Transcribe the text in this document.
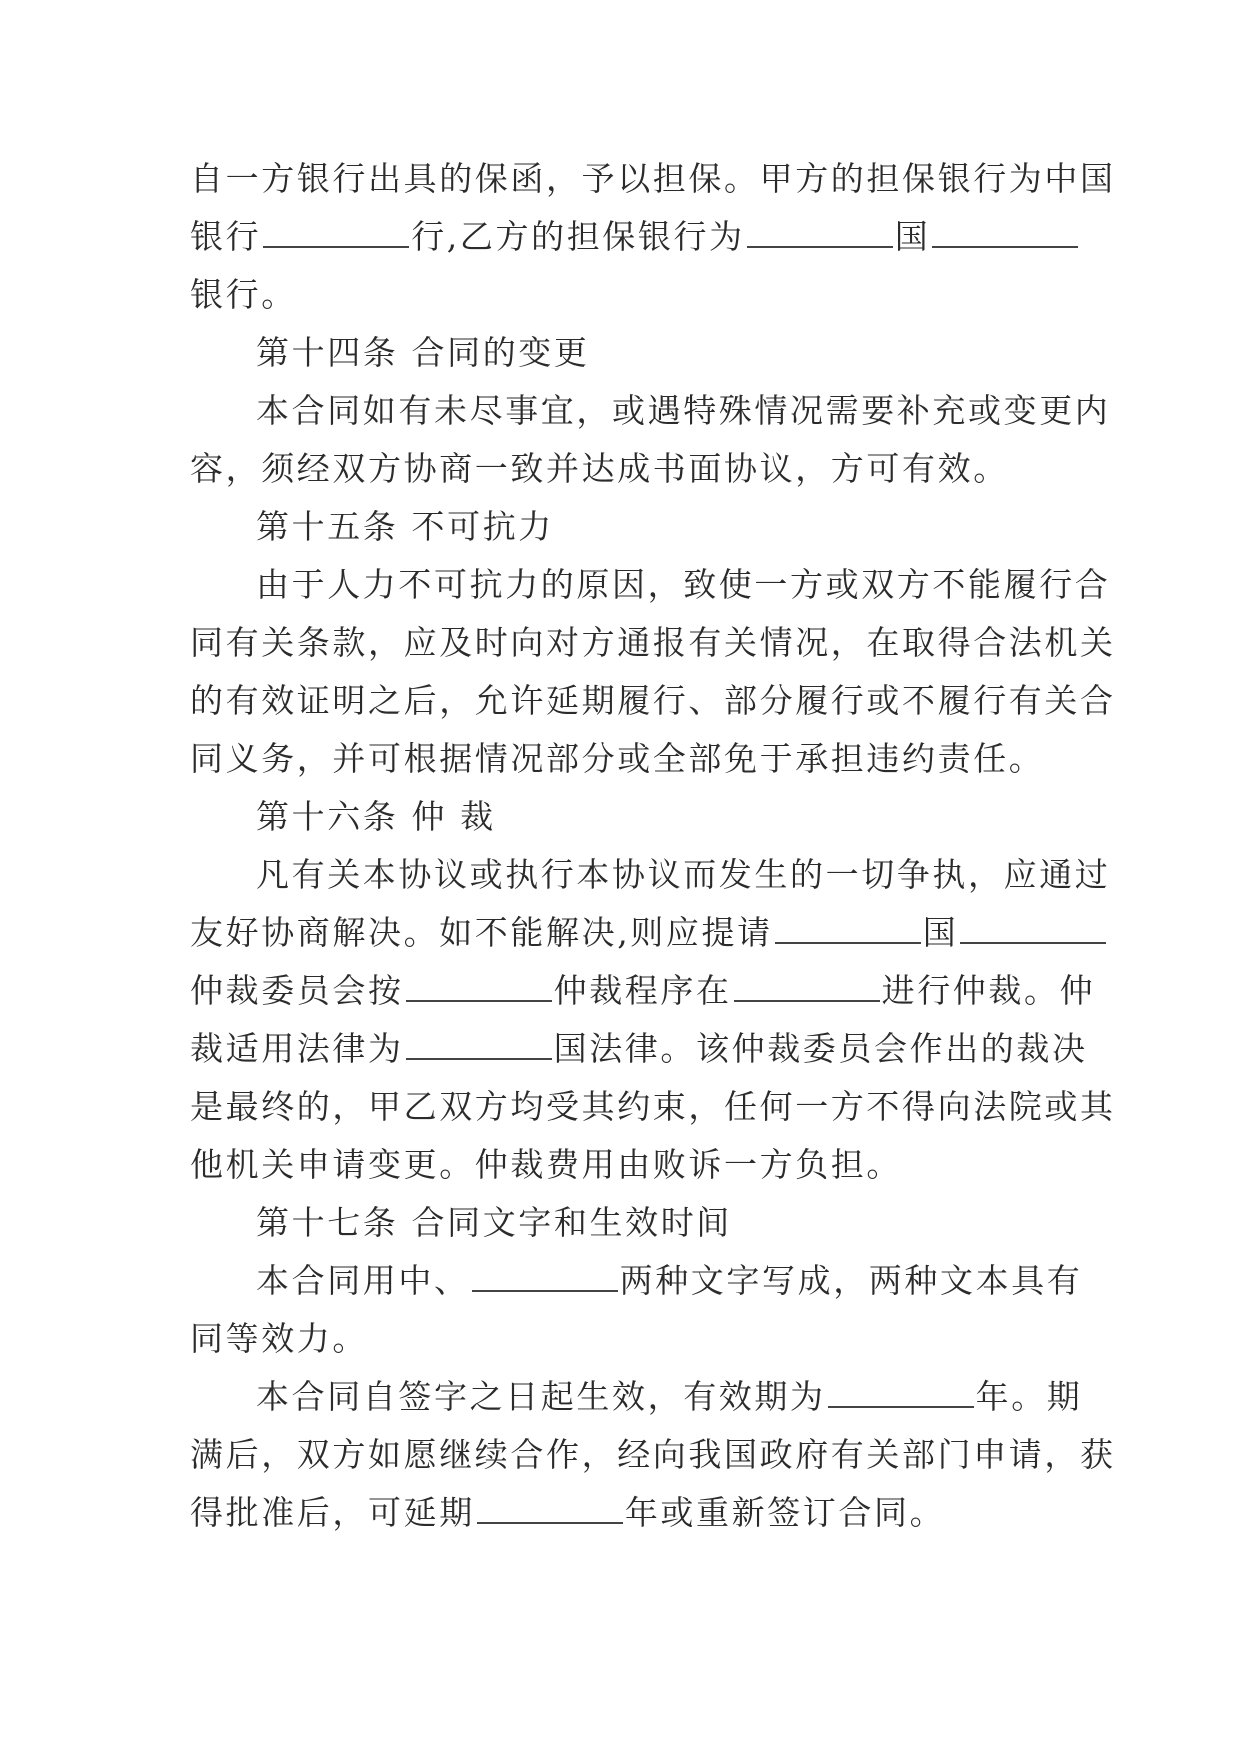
自一方银行出具的保函，予以担保。甲方的担保银行为中国
银行	行,乙方的担保银行为	国
银行。
第十四条 合同的变更
本合同如有未尽事宜，或遇特殊情况需要补充或变更内
容，须经双方协商一致并达成书面协议，方可有效。
第十五条 不可抗力
由于人力不可抗力的原因，致使一方或双方不能履行合
同有关条款，应及时向对方通报有关情况，在取得合法机关
的有效证明之后，允许延期履行、部分履行或不履行有关合
同义务，并可根据情况部分或全部免于承担违约责任。
第十六条 仲 裁
凡有关本协议或执行本协议而发生的一切争执，应通过
友好协商解决。如不能解决,则应提请	国
仲裁委员会按	仲裁程序在	进行仲裁。仲
裁适用法律为	国法律。该仲裁委员会作出的裁决
是最终的，甲乙双方均受其约束，任何一方不得向法院或其
他机关申请变更。仲裁费用由败诉一方负担。
第十七条 合同文字和生效时间
本合同用中、	两种文字写成，两种文本具有
同等效力。
本合同自签字之日起生效，有效期为	年。期
满后，双方如愿继续合作，经向我国政府有关部门申请，获
得批准后，可延期	年或重新签订合同。
